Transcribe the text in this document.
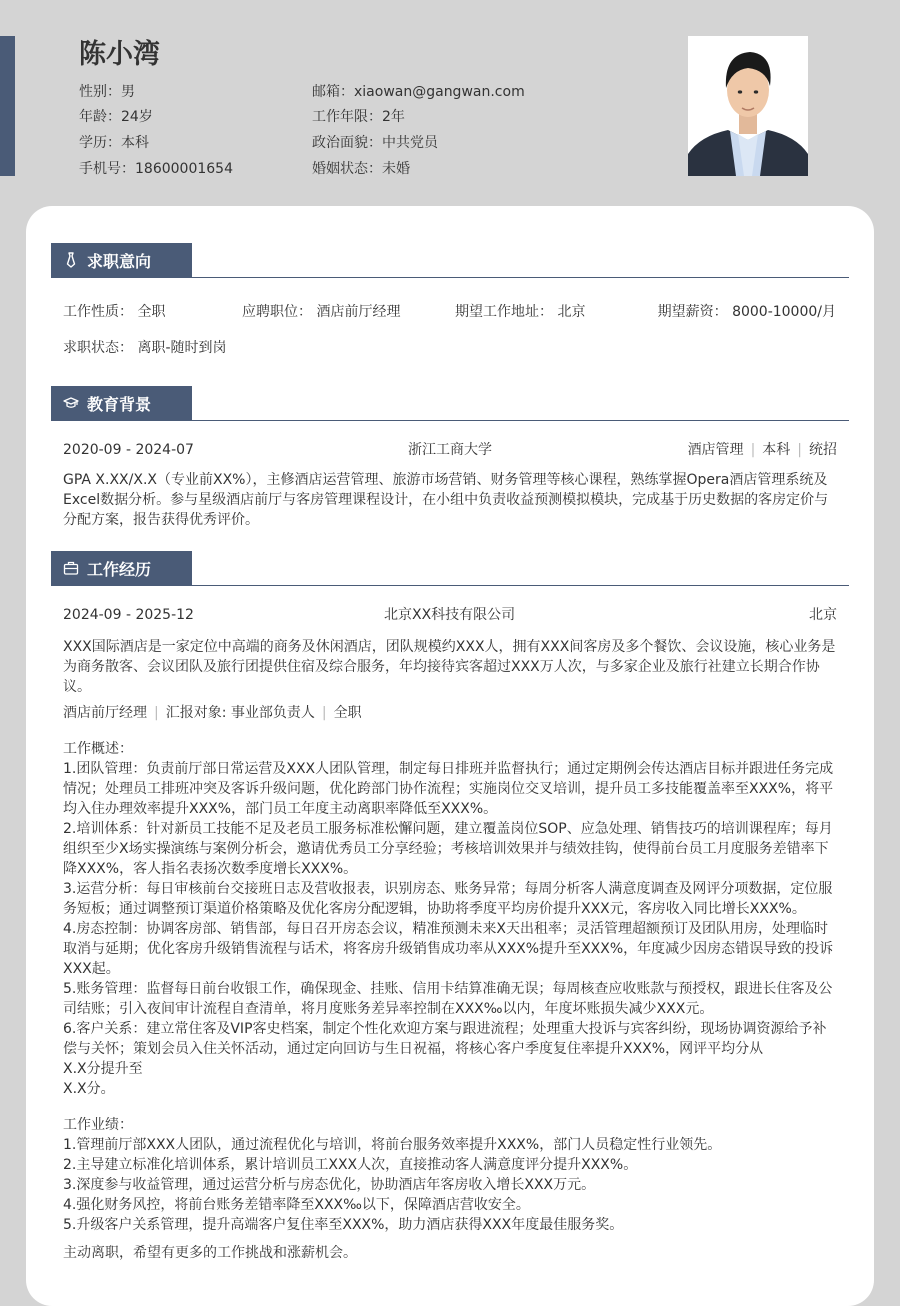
陈小湾
性别：男
年龄：24岁
学历：本科
手机号：18600001654
邮箱：xiaowan@gangwan.com
工作年限：2年
政治面貌：中共党员
婚姻状态：未婚
求职意向
工作性质： 全职	应聘职位： 酒店前厅经理	期望工作地址： 北京	期望薪资： 8000-10000/月
求职状态： 离职-随时到岗
教育背景
2020-09 - 2024-07	浙江工商大学	酒店管理 | 本科 | 统招
GPA X.XX/X.X（专业前XX%），主修酒店运营管理、旅游市场营销、财务管理等核心课程，熟练掌握Opera酒店管理系统及Excel数据分析。参与星级酒店前厅与客房管理课程设计，在小组中负责收益预测模拟模块，完成基于历史数据的客房定价与分配方案，报告获得优秀评价。
工作经历
2024-09 - 2025-12	北京XX科技有限公司	北京
XXX国际酒店是一家定位中高端的商务及休闲酒店，团队规模约XXX人，拥有XXX间客房及多个餐饮、会议设施，核心业务是为商务散客、会议团队及旅行团提供住宿及综合服务，年均接待宾客超过XXX万人次，与多家企业及旅行社建立长期合作协议。
酒店前厅经理 | 汇报对象: 事业部负责人 | 全职

工作概述：

1.团队管理：负责前厅部日常运营及XXX人团队管理，制定每日排班并监督执行；通过定期例会传达酒店目标并跟进任务完成情况；处理员工排班冲突及客诉升级问题，优化跨部门协作流程；实施岗位交叉培训，提升员工多技能覆盖率至XXX%，将平均入住办理效率提升XXX%，部门员工年度主动离职率降低至XXX%。

2.培训体系：针对新员工技能不足及老员工服务标准松懈问题，建立覆盖岗位SOP、应急处理、销售技巧的培训课程库；每月组织至少X场实操演练与案例分析会，邀请优秀员工分享经验；考核培训效果并与绩效挂钩，使得前台员工月度服务差错率下降XXX%，客人指名表扬次数季度增长XXX%。

3.运营分析：每日审核前台交接班日志及营收报表，识别房态、账务异常；每周分析客人满意度调查及网评分项数据，定位服务短板；通过调整预订渠道价格策略及优化客房分配逻辑，协助将季度平均房价提升XXX元，客房收入同比增长XXX%。

4.房态控制：协调客房部、销售部，每日召开房态会议，精准预测未来X天出租率；灵活管理超额预订及团队用房，处理临时取消与延期；优化客房升级销售流程与话术，将客房升级销售成功率从XXX%提升至XXX%，年度减少因房态错误导致的投诉XXX起。

5.账务管理：监督每日前台收银工作，确保现金、挂账、信用卡结算准确无误；每周核查应收账款与预授权，跟进长住客及公司结账；引入夜间审计流程自查清单，将月度账务差异率控制在XXX‰以内，年度坏账损失减少XXX元。

6.客户关系：建立常住客及VIP客史档案，制定个性化欢迎方案与跟进流程；处理重大投诉与宾客纠纷，现场协调资源给予补偿与关怀；策划会员入住关怀活动，通过定向回访与生日祝福，将核心客户季度复住率提升XXX%，网评平均分从

X.X分提升至

X.X分。

工作业绩：

1.管理前厅部XXX人团队，通过流程优化与培训，将前台服务效率提升XXX%，部门人员稳定性行业领先。

2.主导建立标准化培训体系，累计培训员工XXX人次，直接推动客人满意度评分提升XXX%。

3.深度参与收益管理，通过运营分析与房态优化，协助酒店年客房收入增长XXX万元。

4.强化财务风控，将前台账务差错率降至XXX‰以下，保障酒店营收安全。

5.升级客户关系管理，提升高端客户复住率至XXX%，助力酒店获得XXX年度最佳服务奖。

主动离职，希望有更多的工作挑战和涨薪机会。
